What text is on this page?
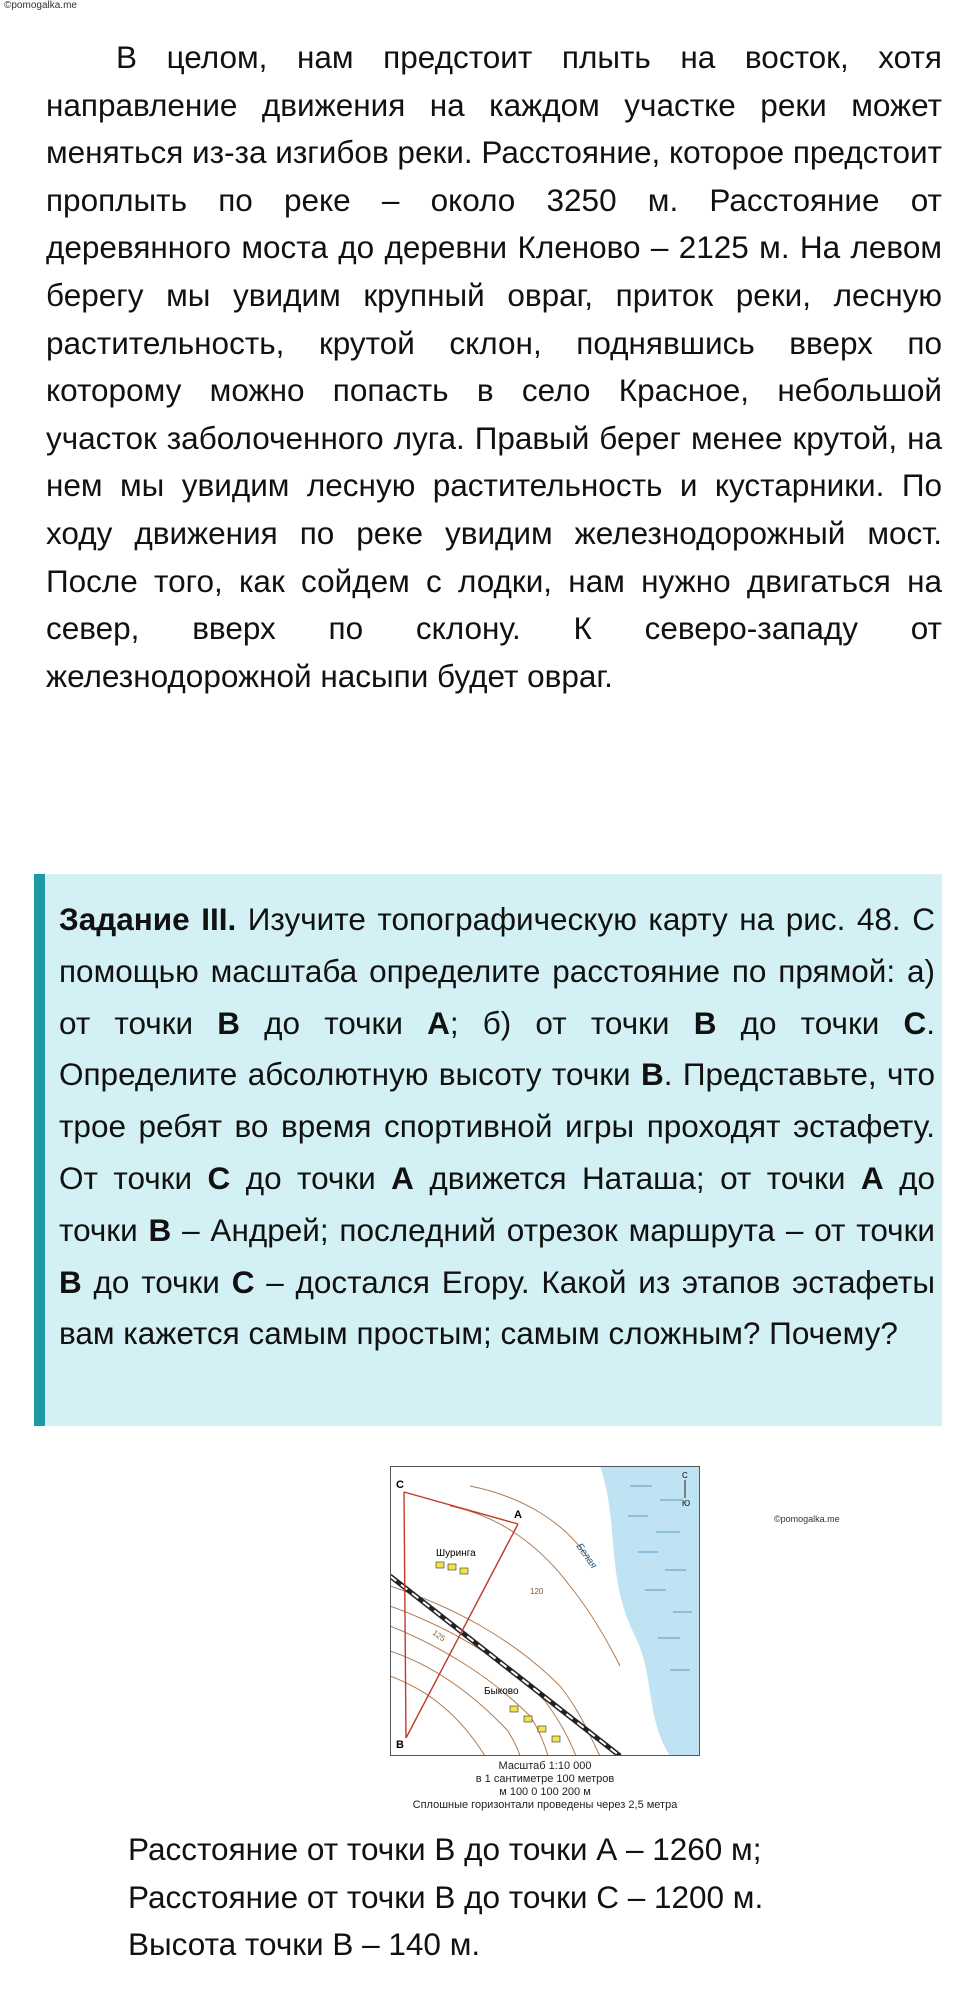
©pomogalka.me

В целом, нам предстоит плыть на восток, хотя направление движения на каждом участке реки может меняться из-за изгибов реки. Расстояние, которое предстоит проплыть по реке – около 3250 м. Расстояние от деревянного моста до деревни Кленово – 2125 м. На левом берегу мы увидим крупный овраг, приток реки, лесную растительность, крутой склон, поднявшись вверх по которому можно попасть в село Красное, небольшой участок заболоченного луга. Правый берег менее крутой, на нем мы увидим лесную растительность и кустарники. По ходу движения по реке увидим железнодорожный мост. После того, как сойдем с лодки, нам нужно двигаться на север, вверх по склону. К северо-западу от железнодорожной насыпи будет овраг.

Задание III. Изучите топографическую карту на рис. 48. С помощью масштаба определите расстояние по прямой: а) от точки В до точки А; б) от точки В до точки С. Определите абсолютную высоту точки В. Представьте, что трое ребят во время спортивной игры проходят эстафету. От точки С до точки А движется Наташа; от точки А до точки В – Андрей; последний отрезок маршрута – от точки В до точки С – достался Егору. Какой из этапов эстафеты вам кажется самым простым; самым сложным? Почему?

С
А
В
Шуринга
Быково
Белая
120
125
С
Ю
©pomogalka.me
Масштаб 1:10 000
в 1 сантиметре 100 метров
м 100 0 100 200 м
Сплошные горизонтали проведены через 2,5 метра
Расстояние от точки В до точки А – 1260 м;
Расстояние от точки В до точки С – 1200 м.
Высота точки В – 140 м.
